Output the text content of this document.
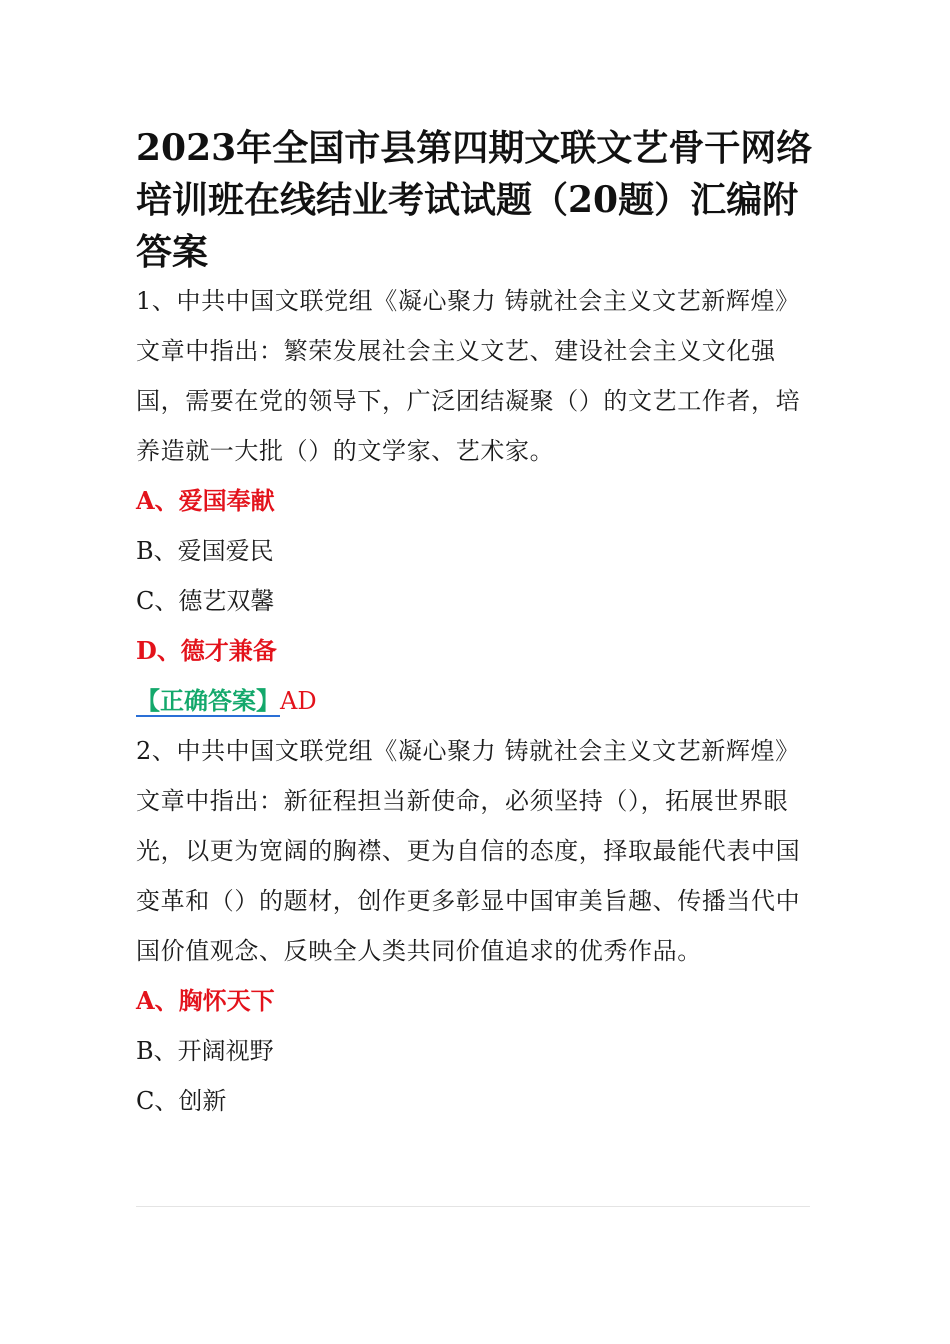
2023年全国市县第四期文联文艺骨干网络培训班在线结业考试试题（20题）汇编附答案

1、中共中国文联党组《凝心聚力 铸就社会主义文艺新辉煌》文章中指出：繁荣发展社会主义文艺、建设社会主义文化强国，需要在党的领导下，广泛团结凝聚（）的文艺工作者，培养造就一大批（）的文学家、艺术家。

A、爱国奉献

B、爱国爱民

C、德艺双馨

D、德才兼备

【正确答案】AD

2、中共中国文联党组《凝心聚力 铸就社会主义文艺新辉煌》文章中指出：新征程担当新使命，必须坚持（），拓展世界眼光，以更为宽阔的胸襟、更为自信的态度，择取最能代表中国变革和（）的题材，创作更多彰显中国审美旨趣、传播当代中国价值观念、反映全人类共同价值追求的优秀作品。

A、胸怀天下

B、开阔视野

C、创新
